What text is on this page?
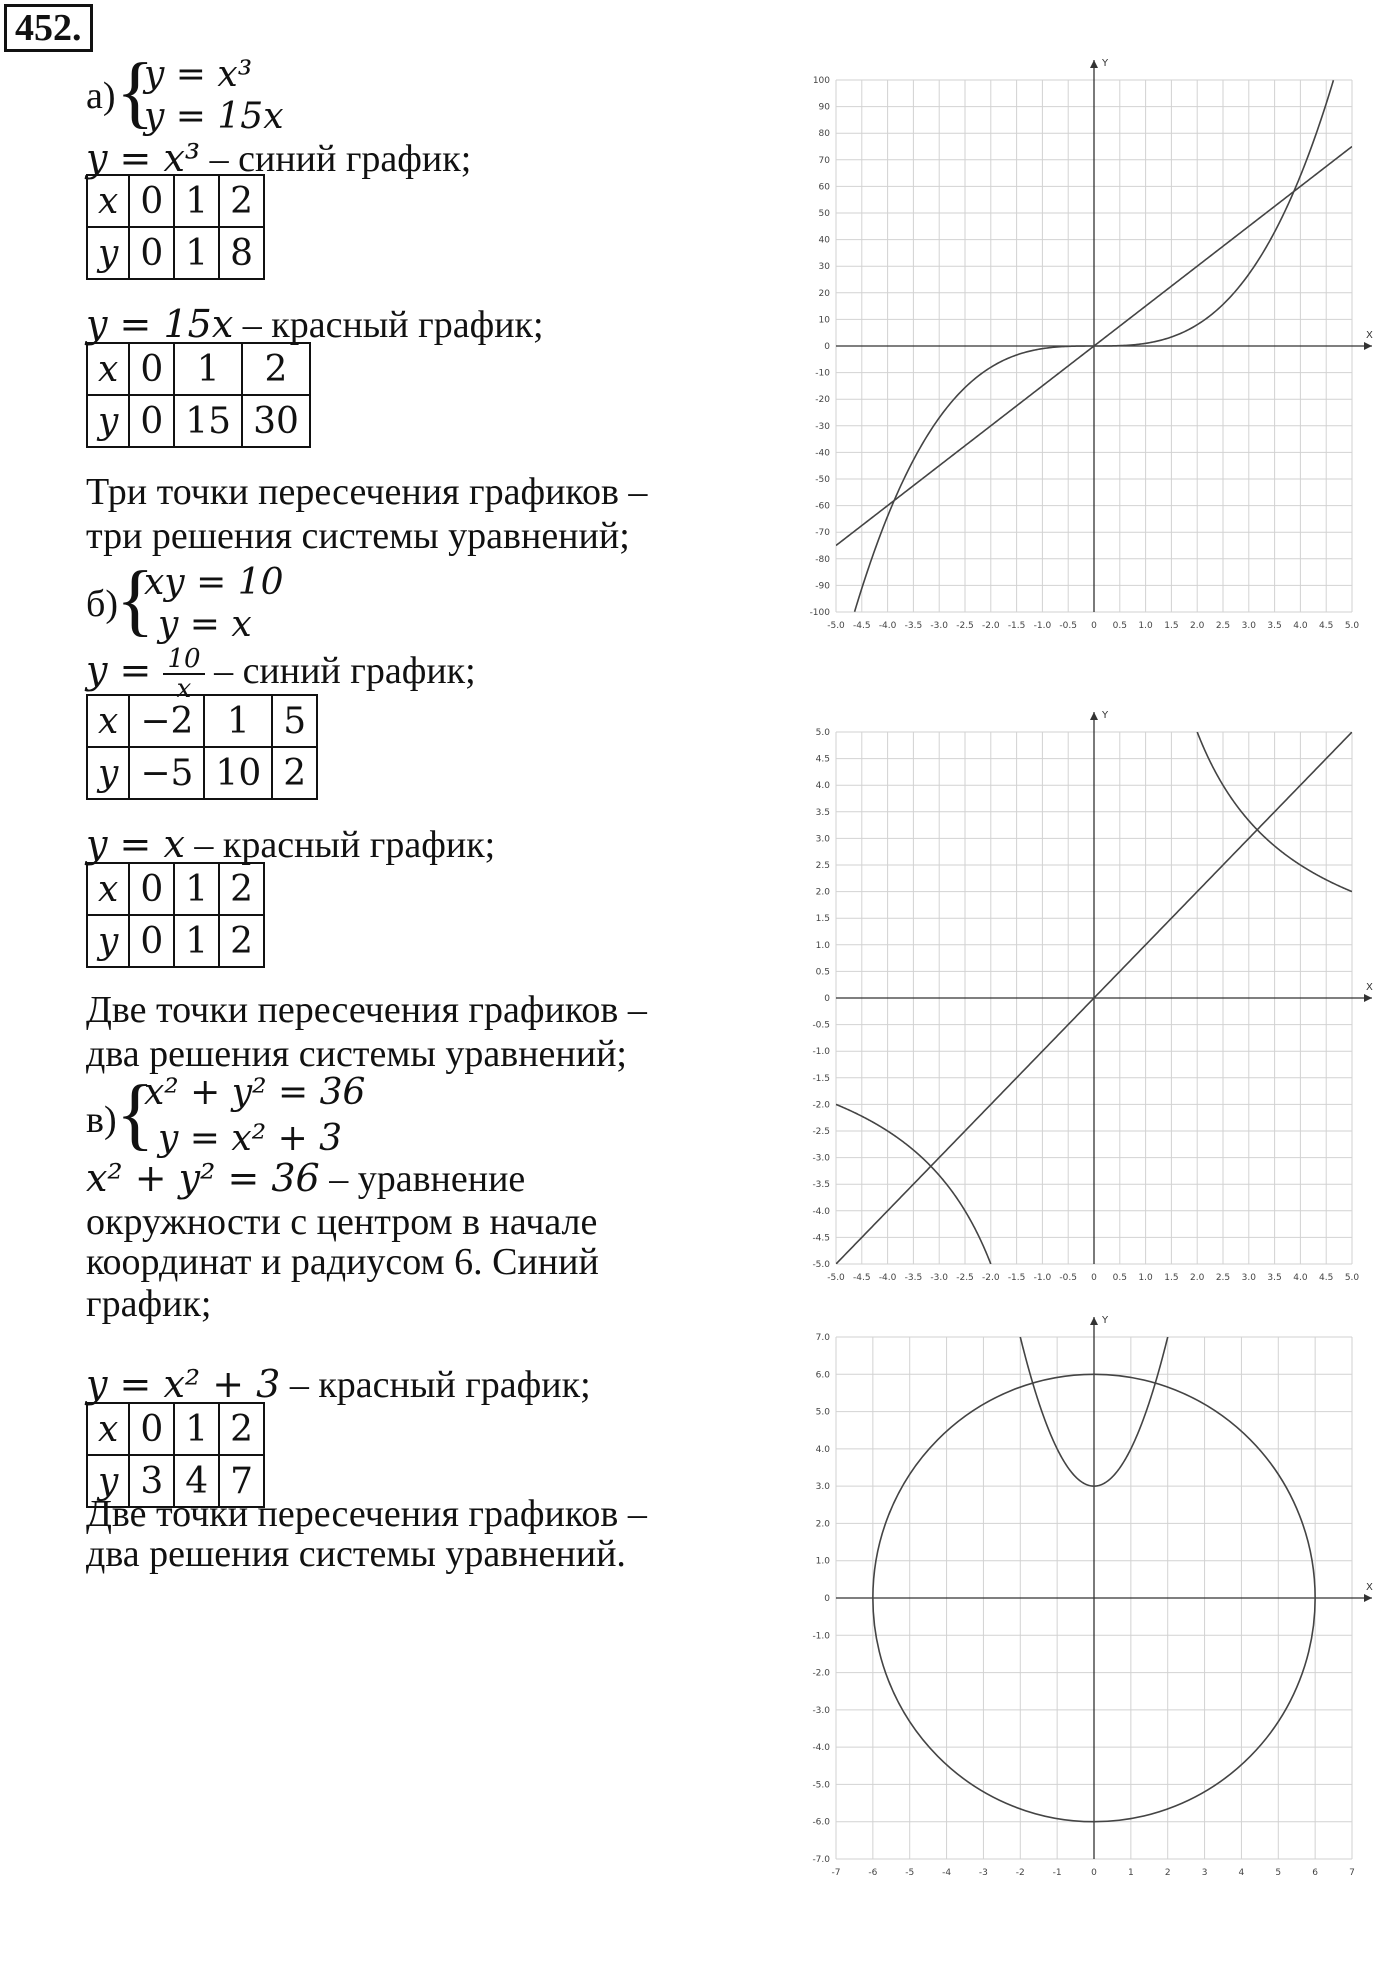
452.
а) {
y = x³
y = 15x
y = x³ – синий график;
x	0	1	2
y	0	1	8
y = 15x – красный график;
x	0	1	2
y	0	15	30
Три точки пересечения графиков –
три решения системы уравнений;
б)
{
xy = 10
y = x
$y = \frac{10}{x}$ – синий график;
x	−2	1	5
y	−5	10	2
y = x – красный график;
x	0	1	2
y	0	1	2
Две точки пересечения графиков –
два решения системы уравнений;
в) {
x² + y² = 36
y = x² + 3
x² + y² = 36 – уравнение
окружности с центром в начале
координат и радиусом 6. Синий
график;
y = x² + 3 – красный график;
x	0	1	2
y	3	4	7
Две точки пересечения графиков –
два решения системы уравнений.
-5.0 -4.5 -4.0 -3.5 -3.0 -2.5 -2.0 -1.5 -1.0 -0.5 0 0.5 1.0 1.5 2.0 2.5 3.0 3.5 4.0 4.5 5.0
100
90
80
70
60
50
40
30
20
10
0
-10
-20
-30
-40
-50
-60
-70
-80
-90
-100
X
Y
-5.0 -4.5 -4.0 -3.5 -3.0 -2.5 -2.0 -1.5 -1.0 -0.5 0 0.5 1.0 1.5 2.0 2.5 3.0 3.5 4.0 4.5 5.0
5.0
4.5
4.0
3.5
3.0
2.5
2.0
1.5
1.0
0.5
0
-0.5
-1.0
-1.5
-2.0
-2.5
-3.0
-3.5
-4.0
-4.5
-5.0
X
Y
-7	-6	-5	-4	-3	-2	-1	0	1	2	3	4	5	6	7
7.0
6.0
5.0
4.0
3.0
2.0
1.0
0
-1.0
-2.0
-3.0
-4.0
-5.0
-6.0
-7.0
X
Y
